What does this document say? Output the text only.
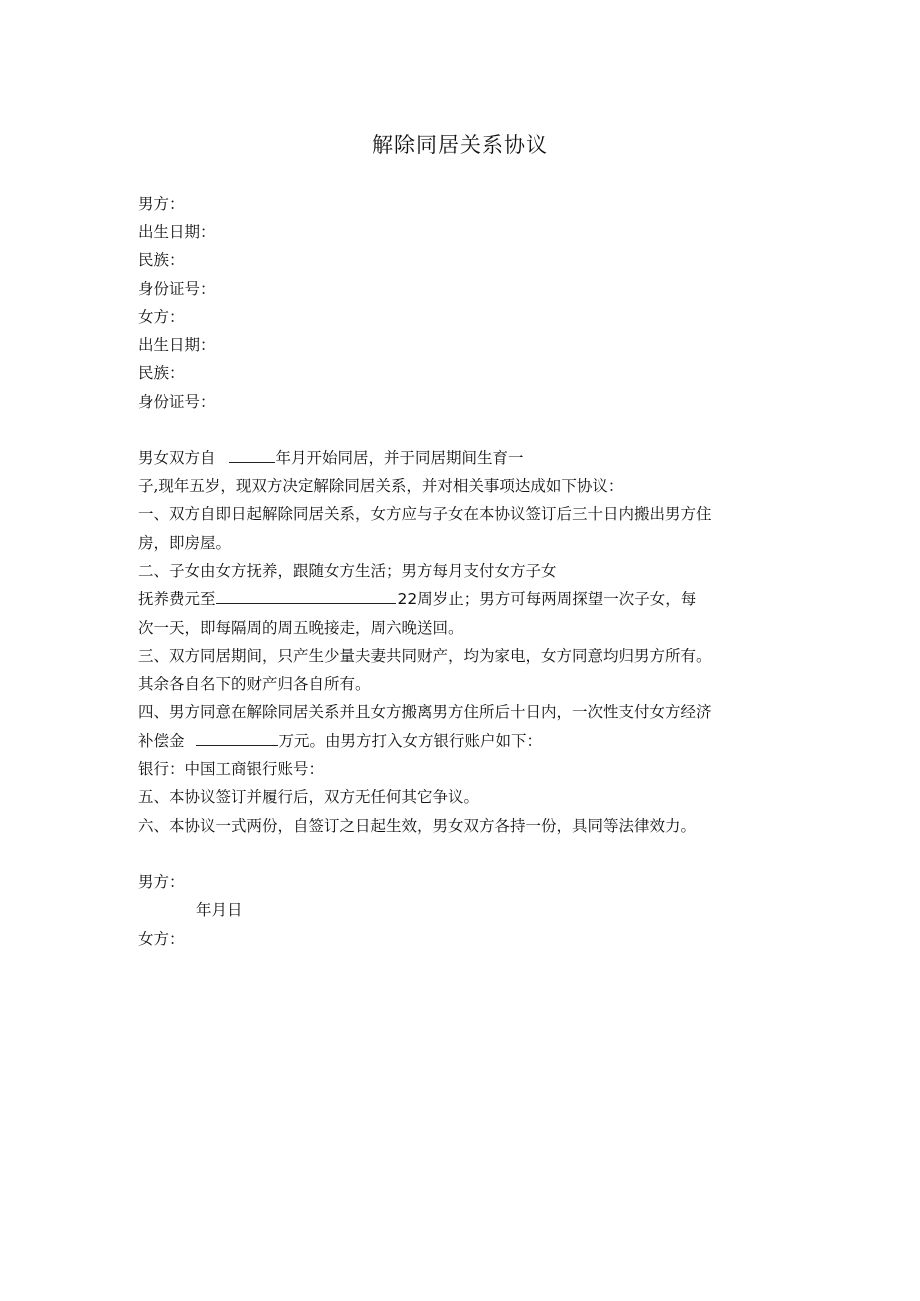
解除同居关系协议
男方：
出生日期：
民族：
身份证号：
女方：
出生日期：
民族：
身份证号：
男女双方自	年月开始同居，并于同居期间生育一
子,现年五岁，现双方决定解除同居关系，并对相关事项达成如下协议：
一、双方自即日起解除同居关系，女方应与子女在本协议签订后三十日内搬出男方住
房，即房屋。
二、子女由女方抚养，跟随女方生活；男方每月支付女方子女
抚养费元至	22周岁止；男方可每两周探望一次子女，每
次一天，即每隔周的周五晚接走，周六晚送回。
三、双方同居期间，只产生少量夫妻共同财产，均为家电，女方同意均归男方所有。
其余各自名下的财产归各自所有。
四、男方同意在解除同居关系并且女方搬离男方住所后十日内，一次性支付女方经济
补偿金	万元。由男方打入女方银行账户如下：
银行：中国工商银行账号：
五、本协议签订并履行后，双方无任何其它争议。
六、本协议一式两份，自签订之日起生效，男女双方各持一份，具同等法律效力。
男方：
年月日
女方：
